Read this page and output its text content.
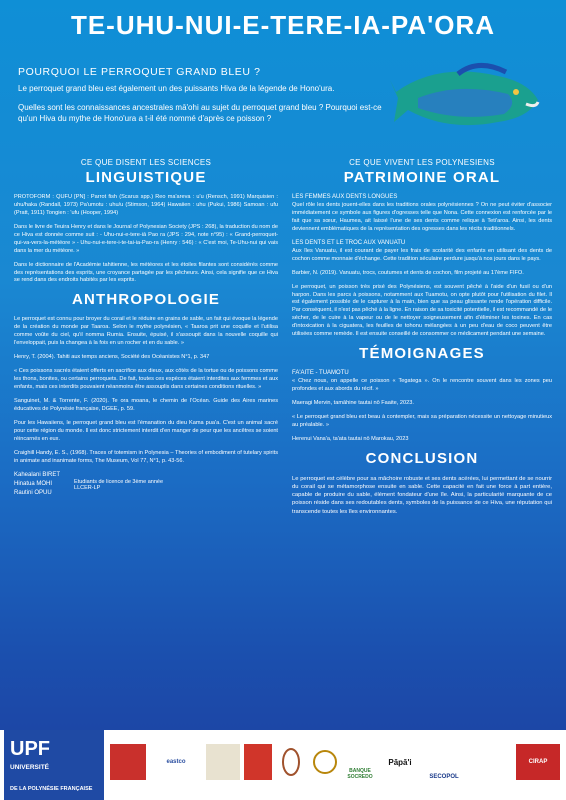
TE-UHU-NUI-E-TERE-IA-PA'ORA
POURQUOI LE PERROQUET GRAND BLEU ?

Le perroquet grand bleu est également un des puissants Hiva de la légende de Hono'ura.

Quelles sont les connaissances ancestrales mā'ohi au sujet du perroquet grand bleu ? Pourquoi est-ce qu'un Hiva du mythe de Hono'ura a t-il été nommé d'après ce poisson ?

CE QUE DISENT LES SCIENCES
LINGUISTIQUE

PROTOFORM : QUFU [PN] : Parrot fish (Scarus spp.) Reo ma'areva : u'u (Rensch, 1991) Marquisien : uhu/haka (Randall, 1973) Pa'umotu : uhu/u (Stimson, 1964) Hawaiien : uhu (Pukui, 1986) Samoan : ufu (Pratt, 1911) Tongien : 'ufu (Hooper, 1994)

Dans le livre de Teuira Henry et dans le Journal of Polynesian Society (JPS : 268), la traduction du nom de ce Hiva est donnée comme suit : - Uhu-nui-e-tere-iā Pao ra (JPS : 294, note n°95) : « Grand-perroquet-qui-va-vers-la-météore » - Uhu-nui-e-tere-i-te-tai-ia-Pao-ra (Henry : 546) : « C'est moi, Te-Uhu-nui qui vais dans la mer du météore. »

Dans le dictionnaire de l'Académie tahitienne, les météores et les étoiles filantes sont considérés comme des représentations des esprits, une croyance partagée par les pêcheurs. Ainsi, cela signifie que ce Hiva se rend dans des endroits habités par les esprits.

ANTHROPOLOGIE

Le perroquet est connu pour broyer du corail et le réduire en grains de sable, un fait qui évoque la légende de la création du monde par Taaroa. Selon le mythe polynésien, « Taaroa prit une coquille et l'utilisa comme voûte du ciel, qu'il nomma Rumia. Ensuite, épuisé, il s'assoupit dans la nouvelle coquille qui l'enveloppait, puis la changea à la fois en un rocher et en du sable. »

Henry, T. (2004). Tahiti aux temps anciens, Société des Océanistes N°1, p. 347

« Ces poissons sacrés étaient offerts en sacrifice aux dieux, aux côtés de la tortue ou de poissons comme les thons, bonites, ou certains perroquets. De fait, toutes ces espèces étaient interdites aux femmes et aux enfants, mais ces interdits pouvaient néanmoins être assouplis dans certaines conditions rituelles. »

Sanguinet, M. & Torrente, F. (2020). Te ora moana, le chemin de l'Océan. Guide des Aires marines éducatives de Polynésie française, DGEE, p. 59.

Pour les Hawaiiens, le perroquet grand bleu est l'émanation du dieu Kama pua'a. C'est un animal sacré pour cette région du monde. Il est donc strictement interdit d'en manger de peur que les ancêtres se soient réincarnés en eux.

Craighill Handy, E. S., (1968). Traces of totemism in Polynesia – Theories of embodiment of tutelary spirits in animate and inanimate forms, The Museum, Vol 77, N°1, p. 43-56.

Kahealani BIRET
Hinatua MOHI
Rautini OPUU
Etudiants de licence de 3ème année LLCER-LP
CE QUE VIVENT LES POLYNESIENS
PATRIMOINE ORAL
LES FEMMES AUX DENTS LONGUES

Quel rôle les dents jouent-elles dans les traditions orales polynésiennes ? On ne peut éviter d'associer immédiatement ce symbole aux figures d'ogresses telle que Nona. Cette connexion est renforcée par le fait que sa sœur, Haumea, ait laissé l'une de ses dents comme relique à Teti'aroa. Ainsi, les dents deviennent emblématiques de la représentation des ogresses dans les récits traditionnels.

LES DENTS ET LE TROC AUX VANUATU

Aux îles Vanuatu, il est courant de payer les frais de scolarité des enfants en utilisant des dents de cochon comme monnaie d'échange. Cette tradition séculaire perdure jusqu'à nos jours dans le pays.

Barbier, N. (2019). Vanuatu, trocs, coutumes et dents de cochon, film projeté au 17ème FIFO.

Le perroquet, un poisson très prisé des Polynésiens, est souvent pêché à l'aide d'un fusil ou d'un harpon. Dans les parcs à poissons, notamment aux Tuamotu, on opte plutôt pour l'utilisation du filet. Il est également possible de le capturer à la main, bien que sa peau glissante rende l'opération difficile. Par conséquent, il n'est pas pêché à la ligne. En raison de sa toxicité potentielle, il est recommandé de le sécher, de le cuire à la vapeur ou de le nettoyer soigneusement afin d'éliminer les toxines. En cas d'intoxication à la ciguatera, les feuilles de tohonu mélangées à un peu d'eau de coco peuvent être utilisées comme remède. Il est ensuite conseillé de consommer ce médicament pendant une semaine.

TÉMOIGNAGES
FA'AITE - TUAMOTU

« Chez nous, on appelle ce poisson « Tegatega ». On le rencontre souvent dans les zones peu profondes et aux abords du récif. »

Maeragi Mervin, tamāhine tautai nō Faaite, 2023.

« Le perroquet grand bleu est beau à contempler, mais sa préparation nécessite un nettoyage minutieux au préalable. »

Herenui Vana'a, ta'ata tautai nō Marokau, 2023

CONCLUSION

Le perroquet est célèbre pour sa mâchoire robuste et ses dents acérées, lui permettant de se nourrir du corail qui se métamorphose ensuite en sable. Cette capacité en fait une force à part entière, capable de produire du sable, élément fondateur d'une île. Ainsi, la particularité marquante de ce poisson réside dans ses redoutables dents, symboles de la puissance de ce Hiva, une réputation qui transcende toutes les îles environnantes.

UPF
UNIVERSITÉ
DE LA POLYNÉSIE FRANÇAISE
eastco
BANQUE SOCREDO
Pāpā'i
SECOPOL
CIRAP
